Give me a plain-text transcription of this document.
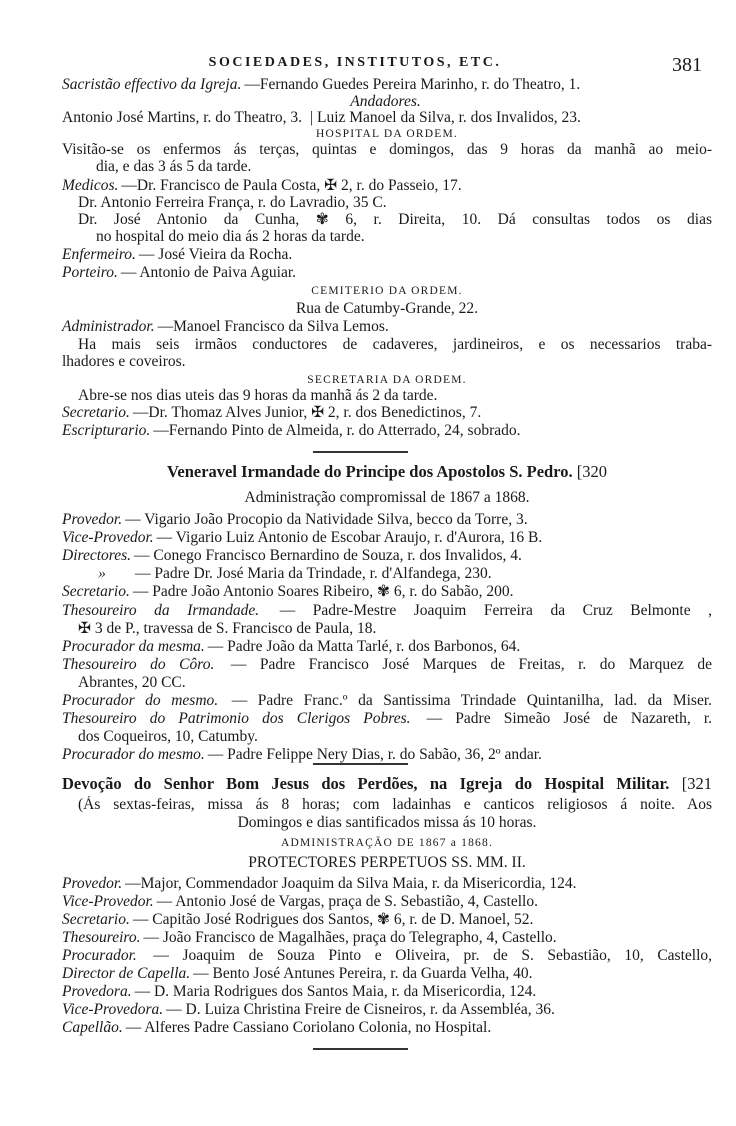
SOCIEDADES, INSTITUTOS, ETC.	381
Sacristão effectivo da Igreja. —Fernando Guedes Pereira Marinho, r. do Theatro, 1.
Andadores.
Antonio José Martins, r. do Theatro, 3. | Luiz Manoel da Silva, r. dos Invalidos, 23.
HOSPITAL DA ORDEM.
Visitão-se os enfermos ás terças, quintas e domingos, das 9 horas da manhã ao meio-
dia, e das 3 ás 5 da tarde.
Medicos. —Dr. Francisco de Paula Costa, ✠ 2, r. do Passeio, 17.
Dr. Antonio Ferreira França, r. do Lavradio, 35 C.
Dr. José Antonio da Cunha, ✾ 6, r. Direita, 10. Dá consultas todos os dias
no hospital do meio dia ás 2 horas da tarde.
Enfermeiro. — José Vieira da Rocha.
Porteiro. — Antonio de Paiva Aguiar.
CEMITERIO DA ORDEM.
Rua de Catumby-Grande, 22.
Administrador. —Manoel Francisco da Silva Lemos.
Ha mais seis irmãos conductores de cadaveres, jardineiros, e os necessarios traba-
lhadores e coveiros.
SECRETARIA DA ORDEM.
Abre-se nos dias uteis das 9 horas da manhã ás 2 da tarde.
Secretario. —Dr. Thomaz Alves Junior, ✠ 2, r. dos Benedictinos, 7.
Escripturario. —Fernando Pinto de Almeida, r. do Atterrado, 24, sobrado.
Veneravel Irmandade do Principe dos Apostolos S. Pedro. [320
Administração compromissal de 1867 a 1868.
Provedor. — Vigario João Procopio da Natividade Silva, becco da Torre, 3.
Vice-Provedor. — Vigario Luiz Antonio de Escobar Araujo, r. d'Aurora, 16 B.
Directores. — Conego Francisco Bernardino de Souza, r. dos Invalidos, 4.
» — Padre Dr. José Maria da Trindade, r. d'Alfandega, 230.
Secretario. — Padre João Antonio Soares Ribeiro, ✾ 6, r. do Sabão, 200.
Thesoureiro da Irmandade. — Padre-Mestre Joaquim Ferreira da Cruz Belmonte ,
✠ 3 de P., travessa de S. Francisco de Paula, 18.
Procurador da mesma. — Padre João da Matta Tarlé, r. dos Barbonos, 64.
Thesoureiro do Côro. — Padre Francisco José Marques de Freitas, r. do Marquez de
Abrantes, 20 CC.
Procurador do mesmo. — Padre Franc.º da Santissima Trindade Quintanilha, lad. da Miser.
Thesoureiro do Patrimonio dos Clerigos Pobres. — Padre Simeão José de Nazareth, r.
dos Coqueiros, 10, Catumby.
Procurador do mesmo. — Padre Felippe Nery Dias, r. do Sabão, 36, 2º andar.
Devoção do Senhor Bom Jesus dos Perdões, na Igreja do Hospital Militar. [321
(Ás sextas-feiras, missa ás 8 horas; com ladainhas e canticos religiosos á noite. Aos
Domingos e dias santificados missa ás 10 horas.
ADMINISTRAÇÃO DE 1867 a 1868.
PROTECTORES PERPETUOS SS. MM. II.
Provedor. —Major, Commendador Joaquim da Silva Maia, r. da Misericordia, 124.
Vice-Provedor. — Antonio José de Vargas, praça de S. Sebastião, 4, Castello.
Secretario. — Capitão José Rodrigues dos Santos, ✾ 6, r. de D. Manoel, 52.
Thesoureiro. — João Francisco de Magalhães, praça do Telegrapho, 4, Castello.
Procurador. — Joaquim de Souza Pinto e Oliveira, pr. de S. Sebastião, 10, Castello,
Director de Capella. — Bento José Antunes Pereira, r. da Guarda Velha, 40.
Provedora. — D. Maria Rodrigues dos Santos Maia, r. da Misericordia, 124.
Vice-Provedora. — D. Luiza Christina Freire de Cisneiros, r. da Assembléa, 36.
Capellão. — Alferes Padre Cassiano Coriolano Colonia, no Hospital.
